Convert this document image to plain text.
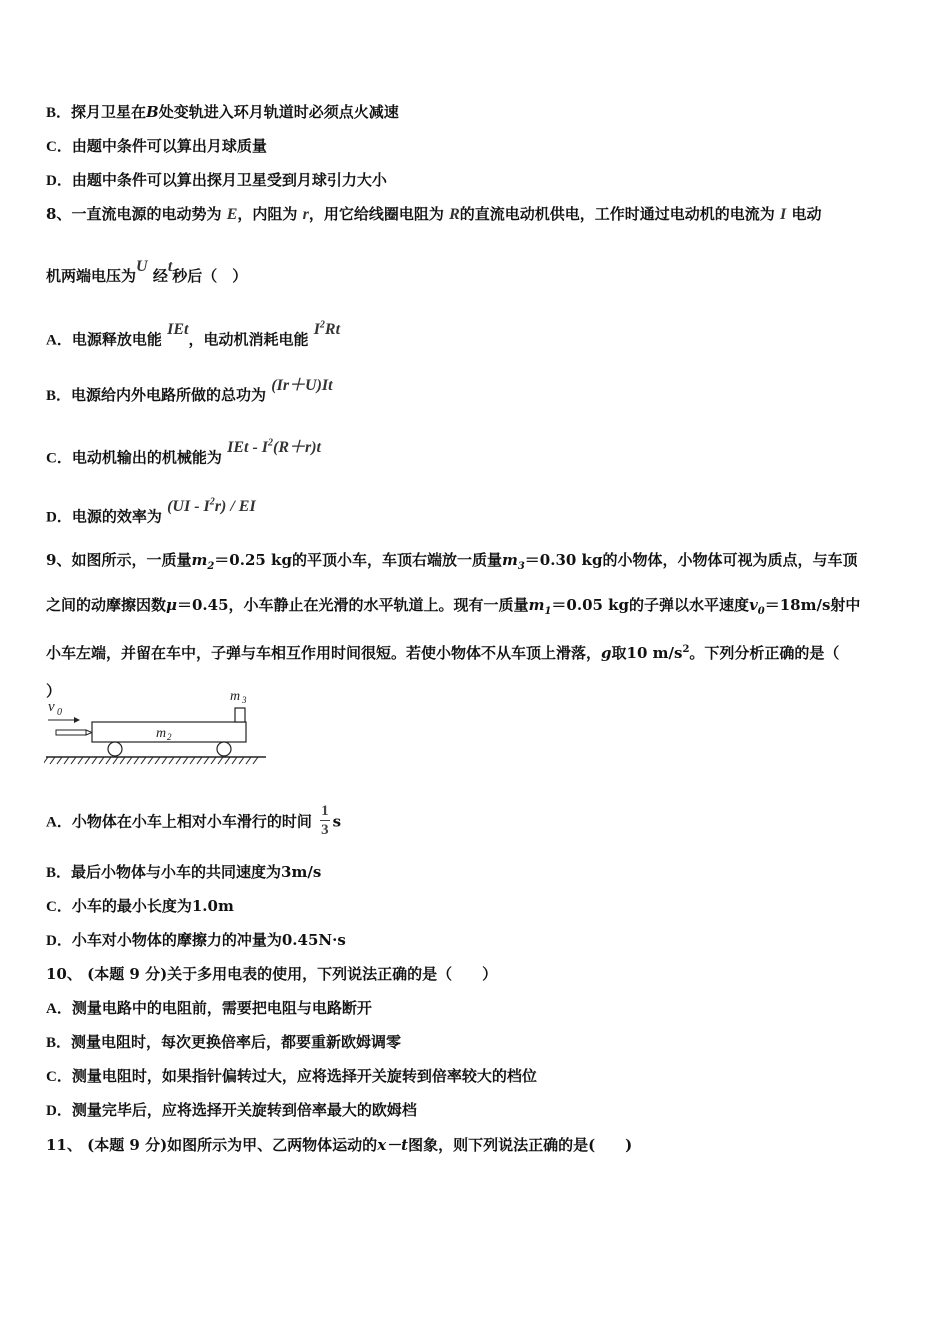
B．探月卫星在B处变轨进入环月轨道时必须点火减速
C．由题中条件可以算出月球质量
D．由题中条件可以算出探月卫星受到月球引力大小
8、一直流电源的电动势为 E，内阻为 r，用它给线圈电阻为 R的直流电动机供电，工作时通过电动机的电流为 I 电动
机两端电压为U 经t秒后（　）
A．电源释放电能 IEt，电动机消耗电能 $I^2Rt$
B．电源给内外电路所做的总功为 (Ir＋U)It
C．电动机输出的机械能为 IEt - $I^2(R+r)t$
D．电源的效率为 $(UI - I^2r)$ / EI
9、如图所示，一质量$m_2=0.25$ kg的平顶小车，车顶右端放一质量$m_3=0.30$ kg的小物体，小物体可视为质点，与车顶
之间的动摩擦因数μ＝0.45，小车静止在光滑的水平轨道上。现有一质量$m_1=0.05$ kg的子弹以水平速度$v_0=18m/s$射中
小车左端，并留在车中，子弹与车相互作用时间很短。若使小物体不从车顶上滑落，g取10 $m/s^2$。下列分析正确的是（
）
v 0
m 2
m 3
A．小物体在小车上相对小车滑行的时间 $\frac{1}{3}$ s
B．最后小物体与小车的共同速度为3m/s
C．小车的最小长度为1.0m
D．小车对小物体的摩擦力的冲量为0.45N·s
10、 (本题 9 分)关于多用电表的使用，下列说法正确的是（　　）
A．测量电路中的电阻前，需要把电阻与电路断开
B．测量电阻时，每次更换倍率后，都要重新欧姆调零
C．测量电阻时，如果指针偏转过大，应将选择开关旋转到倍率较大的档位
D．测量完毕后，应将选择开关旋转到倍率最大的欧姆档
11、 (本题 9 分)如图所示为甲、乙两物体运动的x－t图象，则下列说法正确的是(　　)
